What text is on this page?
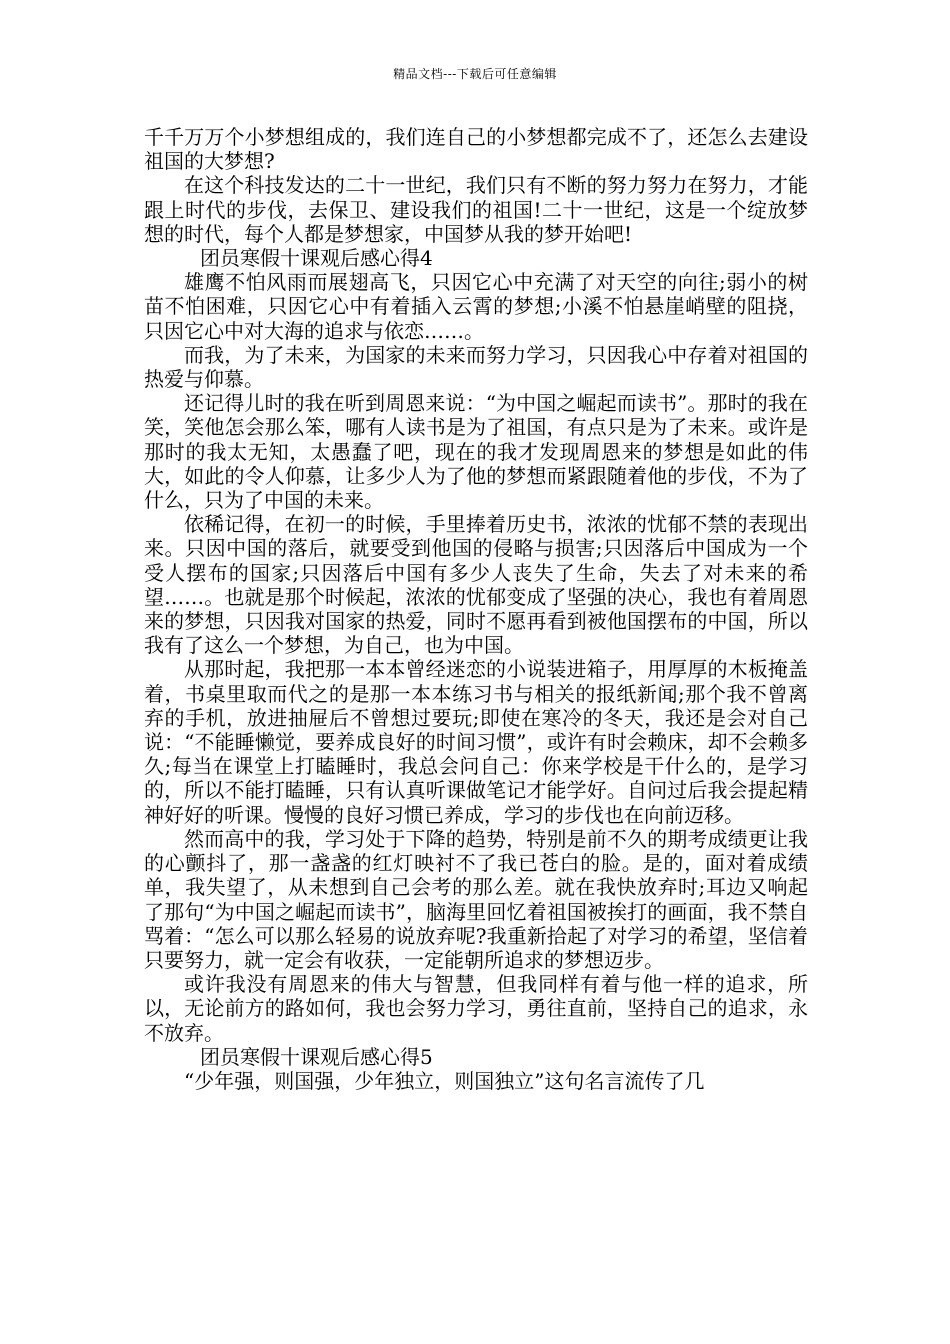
精品文档---下载后可任意编辑

千千万万个小梦想组成的，我们连自己的小梦想都完成不了，还怎么去建设祖国的大梦想?

在这个科技发达的二十一世纪，我们只有不断的努力努力在努力，才能跟上时代的步伐，去保卫、建设我们的祖国!二十一世纪，这是一个绽放梦想的时代，每个人都是梦想家，中国梦从我的梦开始吧!

团员寒假十课观后感心得4

雄鹰不怕风雨而展翅高飞，只因它心中充满了对天空的向往;弱小的树苗不怕困难，只因它心中有着插入云霄的梦想;小溪不怕悬崖峭壁的阻挠，只因它心中对大海的追求与依恋……。

而我，为了未来，为国家的未来而努力学习，只因我心中存着对祖国的热爱与仰慕。

还记得儿时的我在听到周恩来说：“为中国之崛起而读书”。那时的我在笑，笑他怎会那么笨，哪有人读书是为了祖国，有点只是为了未来。或许是那时的我太无知，太愚蠢了吧，现在的我才发现周恩来的梦想是如此的伟大，如此的令人仰慕，让多少人为了他的梦想而紧跟随着他的步伐，不为了什么，只为了中国的未来。

依稀记得，在初一的时候，手里捧着历史书，浓浓的忧郁不禁的表现出来。只因中国的落后，就要受到他国的侵略与损害;只因落后中国成为一个受人摆布的国家;只因落后中国有多少人丧失了生命，失去了对未来的希望……。也就是那个时候起，浓浓的忧郁变成了坚强的决心，我也有着周恩来的梦想，只因我对国家的热爱，同时不愿再看到被他国摆布的中国，所以我有了这么一个梦想，为自己，也为中国。

从那时起，我把那一本本曾经迷恋的小说装进箱子，用厚厚的木板掩盖着，书桌里取而代之的是那一本本练习书与相关的报纸新闻;那个我不曾离弃的手机，放进抽屉后不曾想过要玩;即使在寒冷的冬天，我还是会对自己说：“不能睡懒觉，要养成良好的时间习惯”，或许有时会赖床，却不会赖多久;每当在课堂上打瞌睡时，我总会问自己：你来学校是干什么的，是学习的，所以不能打瞌睡，只有认真听课做笔记才能学好。自问过后我会提起精神好好的听课。慢慢的良好习惯已养成，学习的步伐也在向前迈移。

然而高中的我，学习处于下降的趋势，特别是前不久的期考成绩更让我的心颤抖了，那一盏盏的红灯映衬不了我已苍白的脸。是的，面对着成绩单，我失望了，从未想到自己会考的那么差。就在我快放弃时;耳边又响起了那句“为中国之崛起而读书”，脑海里回忆着祖国被挨打的画面，我不禁自骂着：“怎么可以那么轻易的说放弃呢?我重新拾起了对学习的希望，坚信着只要努力，就一定会有收获，一定能朝所追求的梦想迈步。

或许我没有周恩来的伟大与智慧，但我同样有着与他一样的追求，所以，无论前方的路如何，我也会努力学习，勇往直前，坚持自己的追求，永不放弃。

团员寒假十课观后感心得5

“少年强，则国强，少年独立，则国独立”这句名言流传了几
